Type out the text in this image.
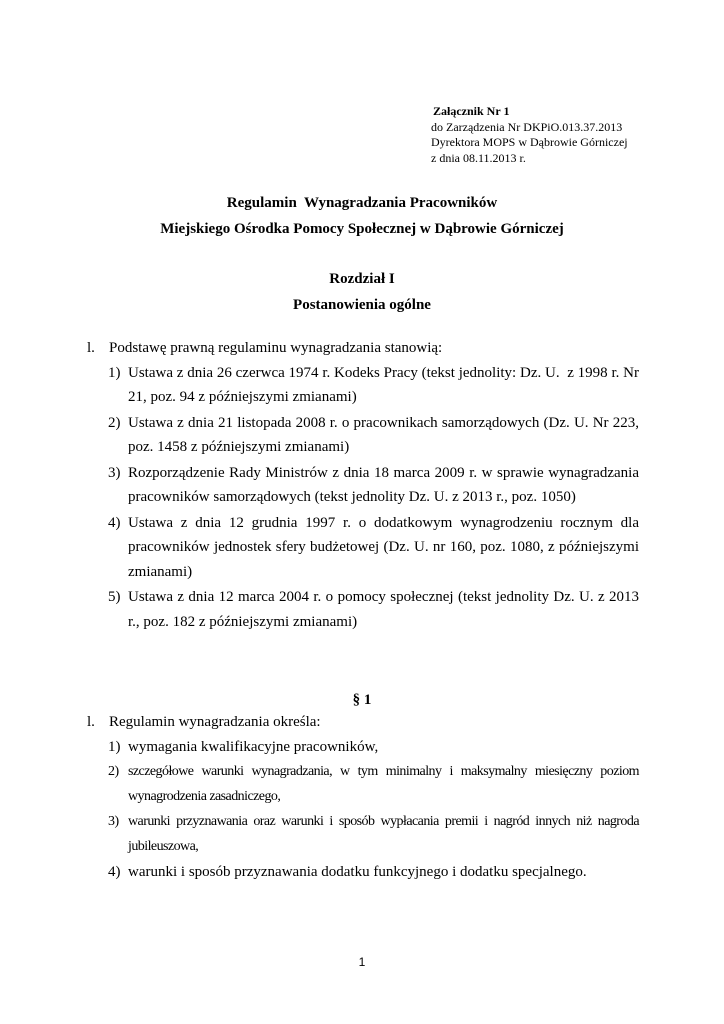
Załącznik Nr 1
do Zarządzenia Nr DKPiO.013.37.2013
Dyrektora MOPS w Dąbrowie Górniczej
z dnia 08.11.2013 r.
Regulamin  Wynagradzania Pracowników
Miejskiego Ośrodka Pomocy Społecznej w Dąbrowie Górniczej
Rozdział I
Postanowienia ogólne
l. Podstawę prawną regulaminu wynagradzania stanowią:
1) Ustawa z dnia 26 czerwca 1974 r. Kodeks Pracy (tekst jednolity: Dz. U.  z 1998 r. Nr 21, poz. 94 z późniejszymi zmianami)
2) Ustawa z dnia 21 listopada 2008 r. o pracownikach samorządowych (Dz. U. Nr 223, poz. 1458 z późniejszymi zmianami)
3) Rozporządzenie Rady Ministrów z dnia 18 marca 2009 r. w sprawie wynagradzania pracowników samorządowych (tekst jednolity Dz. U. z 2013 r., poz. 1050)
4) Ustawa z dnia 12 grudnia 1997 r. o dodatkowym wynagrodzeniu rocznym dla pracowników jednostek sfery budżetowej (Dz. U. nr 160, poz. 1080, z późniejszymi zmianami)
5) Ustawa z dnia 12 marca 2004 r. o pomocy społecznej (tekst jednolity Dz. U. z 2013 r., poz. 182 z późniejszymi zmianami)
§ 1
l. Regulamin wynagradzania określa:
1) wymagania kwalifikacyjne pracowników,
2) szczegółowe warunki wynagradzania, w tym minimalny i maksymalny miesięczny poziom wynagrodzenia zasadniczego,
3) warunki przyznawania oraz warunki i sposób wypłacania premii i nagród innych niż nagroda jubileuszowa,
4) warunki i sposób przyznawania dodatku funkcyjnego i dodatku specjalnego.
1
